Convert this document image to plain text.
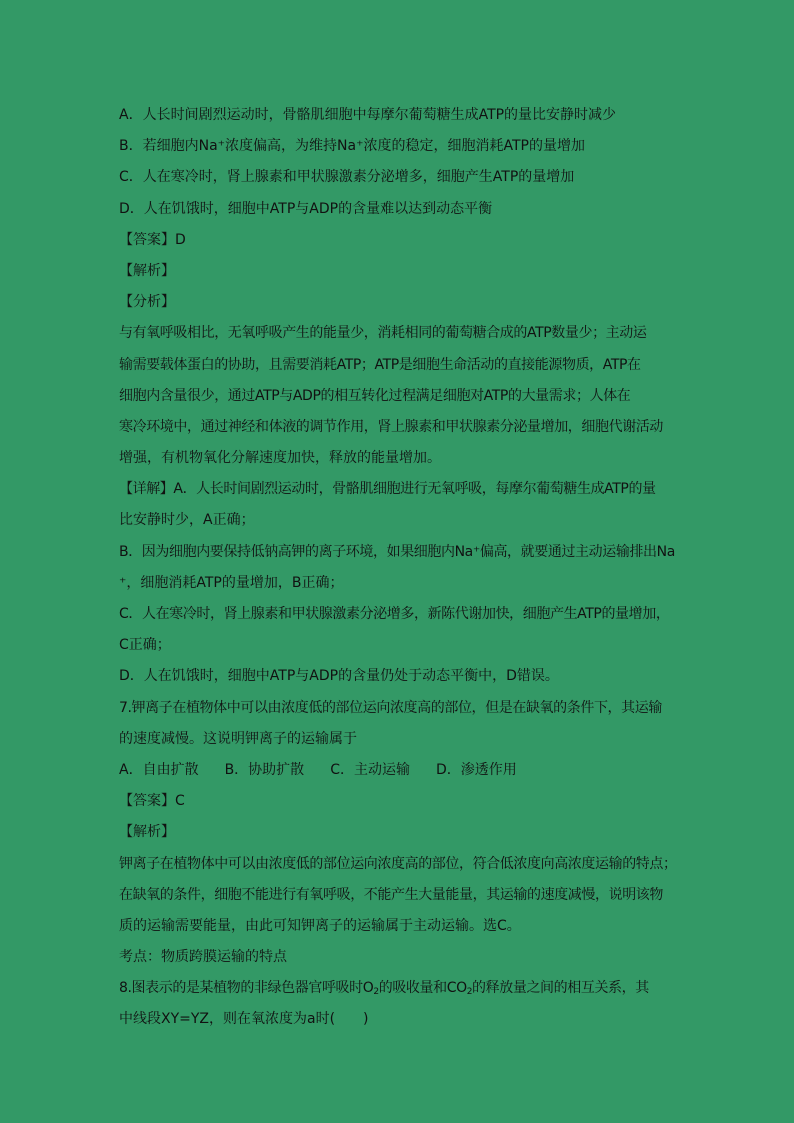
A．人长时间剧烈运动时，骨骼肌细胞中每摩尔葡萄糖生成ATP的量比安静时减少
B．若细胞内Na⁺浓度偏高，为维持Na⁺浓度的稳定，细胞消耗ATP的量增加
C．人在寒冷时，肾上腺素和甲状腺激素分泌增多，细胞产生ATP的量增加
D．人在饥饿时，细胞中ATP与ADP的含量难以达到动态平衡
【答案】D
【解析】
【分析】
与有氧呼吸相比，无氧呼吸产生的能量少，消耗相同的葡萄糖合成的ATP数量少；主动运
输需要载体蛋白的协助，且需要消耗ATP；ATP是细胞生命活动的直接能源物质，ATP在
细胞内含量很少，通过ATP与ADP的相互转化过程满足细胞对ATP的大量需求；人体在
寒冷环境中，通过神经和体液的调节作用，肾上腺素和甲状腺素分泌量增加，细胞代谢活动
增强，有机物氧化分解速度加快，释放的能量增加。
【详解】A．人长时间剧烈运动时，骨骼肌细胞进行无氧呼吸，每摩尔葡萄糖生成ATP的量
比安静时少，A正确；
B．因为细胞内要保持低钠高钾的离子环境，如果细胞内Na⁺偏高，就要通过主动运输排出Na
⁺，细胞消耗ATP的量增加，B正确；
C．人在寒冷时，肾上腺素和甲状腺激素分泌增多，新陈代谢加快，细胞产生ATP的量增加，
C正确；
D．人在饥饿时，细胞中ATP与ADP的含量仍处于动态平衡中，D错误。
7.钾离子在植物体中可以由浓度低的部位运向浓度高的部位，但是在缺氧的条件下，其运输
的速度减慢。这说明钾离子的运输属于
A．自由扩散 B．协助扩散 C．主动运输 D．渗透作用
【答案】C
【解析】
钾离子在植物体中可以由浓度低的部位运向浓度高的部位，符合低浓度向高浓度运输的特点；
在缺氧的条件，细胞不能进行有氧呼吸，不能产生大量能量，其运输的速度减慢，说明该物
质的运输需要能量，由此可知钾离子的运输属于主动运输。选C。
考点：物质跨膜运输的特点
8.图表示的是某植物的非绿色器官呼吸时$O_2$的吸收量和$CO_2$的释放量之间的相互关系，其
中线段XY=YZ，则在氧浓度为a时(　　)
